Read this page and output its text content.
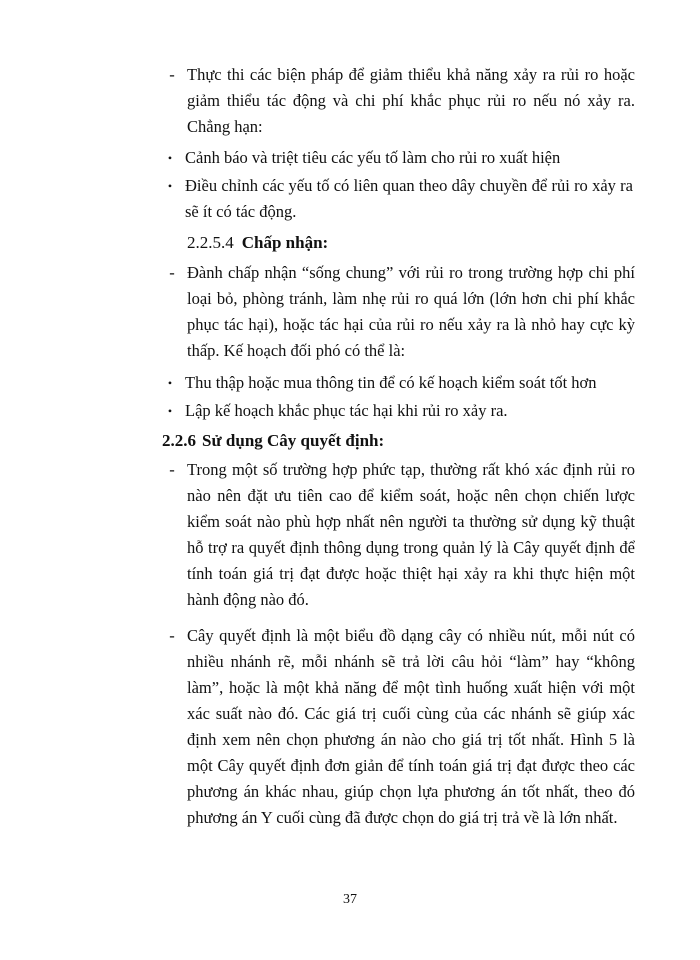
- Thực thi các biện pháp để giảm thiểu khả năng xảy ra rủi ro hoặc giảm thiểu tác động và chi phí khắc phục rủi ro nếu nó xảy ra. Chẳng hạn:

• Cảnh báo và triệt tiêu các yếu tố làm cho rủi ro xuất hiện

• Điều chỉnh các yếu tố có liên quan theo dây chuyền để rủi ro xảy ra sẽ ít có tác động.

2.2.5.4 Chấp nhận:

- Đành chấp nhận “sống chung” với rủi ro trong trường hợp chi phí loại bỏ, phòng tránh, làm nhẹ rủi ro quá lớn (lớn hơn chi phí khắc phục tác hại), hoặc tác hại của rủi ro nếu xảy ra là nhỏ hay cực kỳ thấp. Kế hoạch đối phó có thể là:

• Thu thập hoặc mua thông tin để có kế hoạch kiểm soát tốt hơn

• Lập kế hoạch khắc phục tác hại khi rủi ro xảy ra.

2.2.6 Sử dụng Cây quyết định:

- Trong một số trường hợp phức tạp, thường rất khó xác định rủi ro nào nên đặt ưu tiên cao để kiểm soát, hoặc nên chọn chiến lược kiểm soát nào phù hợp nhất nên người ta thường sử dụng kỹ thuật hỗ trợ ra quyết định thông dụng trong quản lý là Cây quyết định để tính toán giá trị đạt được hoặc thiệt hại xảy ra khi thực hiện một hành động nào đó.

- Cây quyết định là một biểu đồ dạng cây có nhiều nút, mỗi nút có nhiều nhánh rẽ, mỗi nhánh sẽ trả lời câu hỏi “làm” hay “không làm”, hoặc là một khả năng để một tình huống xuất hiện với một xác suất nào đó. Các giá trị cuối cùng của các nhánh sẽ giúp xác định xem nên chọn phương án nào cho giá trị tốt nhất. Hình 5 là một Cây quyết định đơn giản để tính toán giá trị đạt được theo các phương án khác nhau, giúp chọn lựa phương án tốt nhất, theo đó phương án Y cuối cùng đã được chọn do giá trị trả về là lớn nhất.

37
